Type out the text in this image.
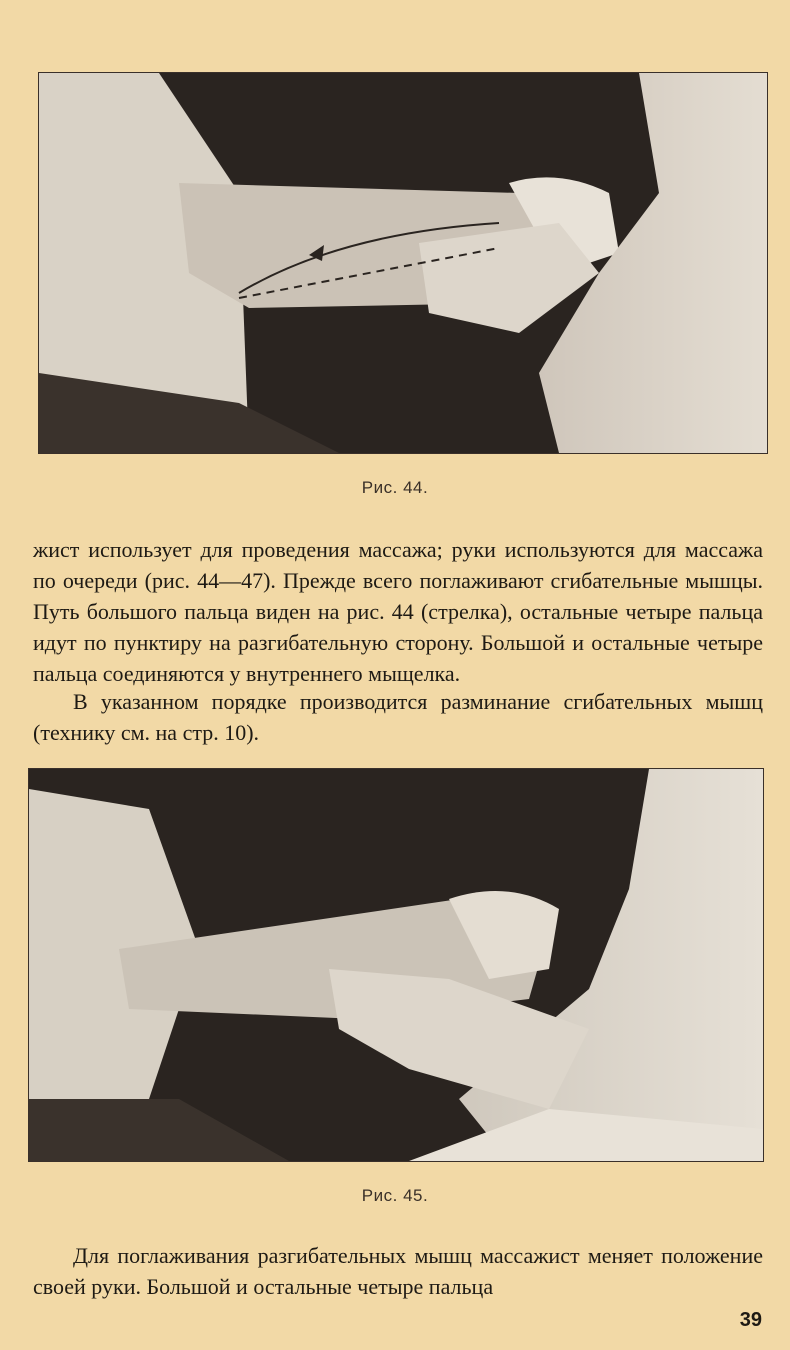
Рис. 44.

жист использует для проведения массажа; руки используются для массажа по очереди (рис. 44—47). Прежде всего поглаживают сгибательные мышцы. Путь большого пальца виден на рис. 44 (стрелка), остальные четыре пальца идут по пунктиру на разгибательную сторону. Большой и остальные четыре пальца соединяются у внутреннего мыщелка.

В указанном порядке производится разминание сгибательных мышц (технику см. на стр. 10).

Рис. 45.

Для поглаживания разгибательных мышц массажист меняет положение своей руки. Большой и остальные четыре пальца

39
